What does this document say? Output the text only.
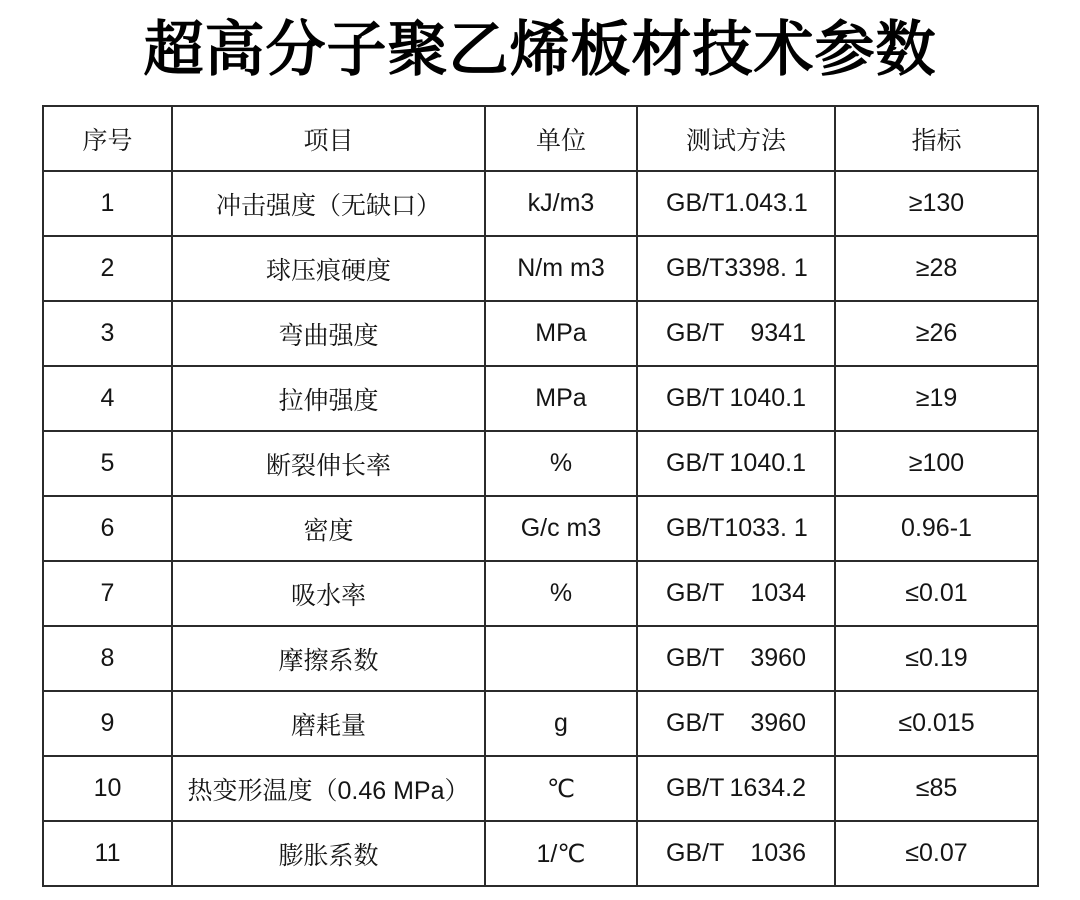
超高分子聚乙烯板材技术参数
序号	项目	单位	测试方法	指标
1	冲击强度（无缺口）	kJ/m3	GB/T 1.043.1	≥130
2	球压痕硬度	N/m m3	GB/T 3398. 1	≥28
3	弯曲强度	MPa	GB/T 9341	≥26
4	拉伸强度	MPa	GB/T 1040.1	≥19
5	断裂伸长率	%	GB/T 1040.1	≥100
6	密度	G/c m3	GB/T 1033. 1	0.96-1
7	吸水率	%	GB/T 1034	≤0.01
8	摩擦系数		GB/T 3960	≤0.19
9	磨耗量	g	GB/T 3960	≤0.015
10	热变形温度（0.46 MPa）	℃	GB/T 1634.2	≤85
11	膨胀系数	1/℃	GB/T 1036	≤0.07
